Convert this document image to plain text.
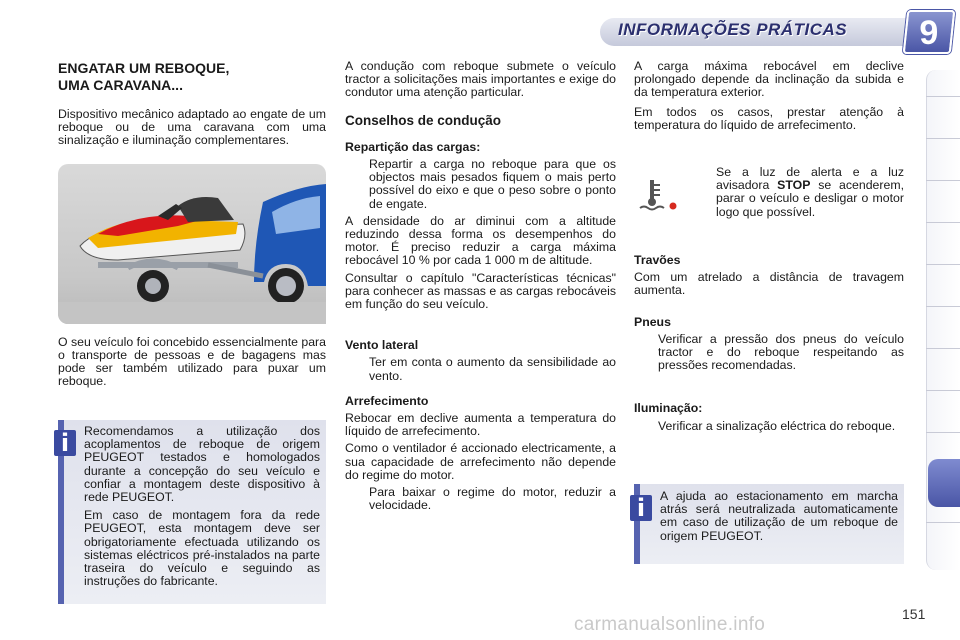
INFORMAÇÕES PRÁTICAS	9
ENGATAR UM REBOQUE,
UMA CARAVANA...

Dispositivo mecânico adaptado ao engate de um reboque ou de uma caravana com uma sinalização e iluminação complementares.

O seu veículo foi concebido essencialmente para o transporte de pessoas e de bagagens mas pode ser também utilizado para puxar um reboque.

Recomendamos a utilização dos acoplamentos de reboque de origem PEUGEOT testados e homologados durante a concepção do seu veículo e confiar a montagem deste dispositivo à rede PEUGEOT.

Em caso de montagem fora da rede PEUGEOT, esta montagem deve ser obrigatoriamente efectuada utilizando os sistemas eléctricos pré-instalados na parte traseira do veículo e seguindo as instruções do fabricante.

i

A condução com reboque submete o veículo tractor a solicitações mais importantes e exige do condutor uma atenção particular.

Conselhos de condução
Repartição das cargas:
Repartir a carga no reboque para que os objectos mais pesados fiquem o mais perto possível do eixo e que o peso sobre o ponto de engate.

A densidade do ar diminui com a altitude reduzindo dessa forma os desempenhos do motor. É preciso reduzir a carga máxima rebocável 10 % por cada 1 000 m de altitude.

Consultar o capítulo "Características técnicas" para conhecer as massas e as cargas rebocáveis em função do seu veículo.

Vento lateral
Ter em conta o aumento da sensibilidade ao vento.
Arrefecimento

Rebocar em declive aumenta a temperatura do líquido de arrefecimento.

Como o ventilador é accionado electricamente, a sua capacidade de arrefecimento não depende do regime do motor.

Para baixar o regime do motor, reduzir a velocidade.

A carga máxima rebocável em declive prolongado depende da inclinação da subida e da temperatura exterior.

Em todos os casos, prestar atenção à temperatura do líquido de arrefecimento.

Se a luz de alerta e a luz avisadora STOP se acenderem, parar o veículo e desligar o motor logo que possível.
Travões

Com um atrelado a distância de travagem aumenta.

Pneus
Verificar a pressão dos pneus do veículo tractor e do reboque respeitando as pressões recomendadas.
Iluminação:
Verificar a sinalização eléctrica do reboque.

A ajuda ao estacionamento em marcha atrás será neutralizada automaticamente em caso de utilização de um reboque de origem PEUGEOT.

i
151
carmanualsonline.info
